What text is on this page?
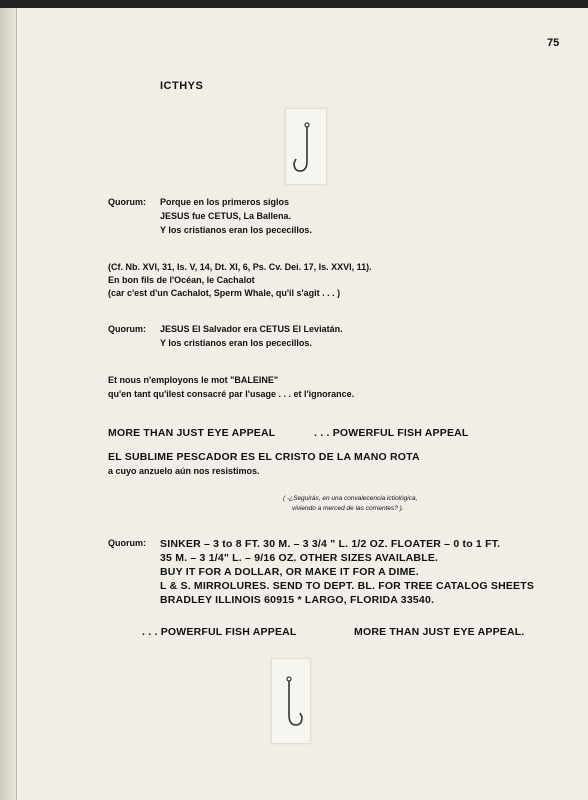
75
ICTHYS
Quorum: Porque en los primeros siglos
JESUS fue CETUS, La Ballena.
Y los cristianos eran los pececillos.
(Cf. Nb. XVI, 31, Is. V, 14, Dt. XI, 6, Ps. Cv. Dei. 17, Is. XXVI, 11).
En bon fils de l'Océan, le Cachalot
(car c'est d'un Cachalot, Sperm Whale, qu'il s'agit . . . )
Quorum: JESUS El Salvador era CETUS El Leviatán.
Y los cristianos eran los pececillos.
Et nous n'employons le mot "BALEINE"
qu'en tant qu'ilest consacré par l'usage . . . et l'ignorance.
MORE THAN JUST EYE APPEAL	. . . POWERFUL FISH APPEAL
EL SUBLIME PESCADOR ES EL CRISTO DE LA MANO ROTA
a cuyo anzuelo aún nos resistimos.
( -¿Seguirás, en una convalecencia ictiológica,
viviendo a merced de las corrientes? ).
Quorum: SINKER – 3 to 8 FT. 30 M. – 3 3/4 " L. 1/2 OZ. FLOATER – 0 to 1 FT.
35 M. – 3 1/4" L. – 9/16 OZ. OTHER SIZES AVAILABLE.
BUY IT FOR A DOLLAR, OR MAKE IT FOR A DIME.
L & S. MIRROLURES. SEND TO DEPT. BL. FOR TREE CATALOG SHEETS
BRADLEY ILLINOIS 60915 * LARGO, FLORIDA 33540.
. . . POWERFUL FISH APPEAL	MORE THAN JUST EYE APPEAL.
